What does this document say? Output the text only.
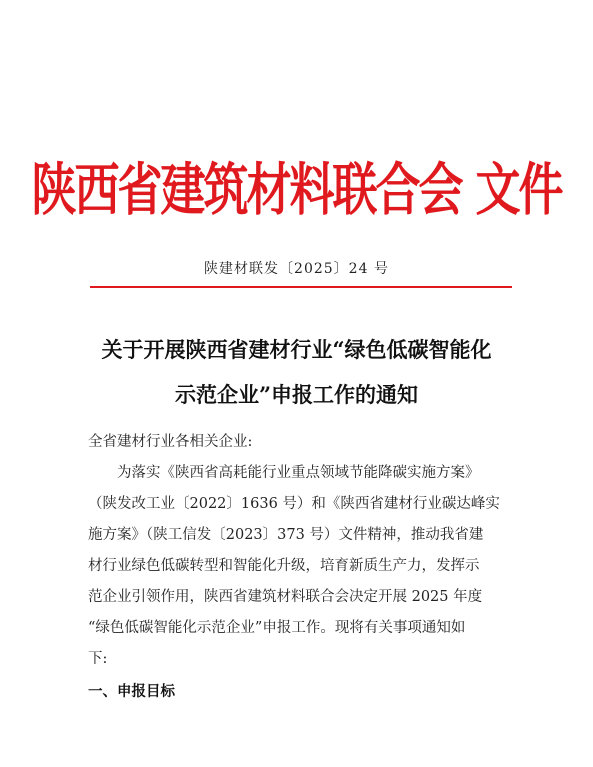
陕西省建筑材料联合会 文件
陕建材联发〔2025〕24 号
关于开展陕西省建材行业“绿色低碳智能化
示范企业”申报工作的通知
全省建材行业各相关企业:
　　为落实《陕西省高耗能行业重点领域节能降碳实施方案》
（陕发改工业〔2022〕1636 号）和《陕西省建材行业碳达峰实
施方案》（陕工信发〔2023〕373 号）文件精神，推动我省建
材行业绿色低碳转型和智能化升级，培育新质生产力，发挥示
范企业引领作用，陕西省建筑材料联合会决定开展 2025 年度
“绿色低碳智能化示范企业”申报工作。现将有关事项通知如
下:
一、申报目标
